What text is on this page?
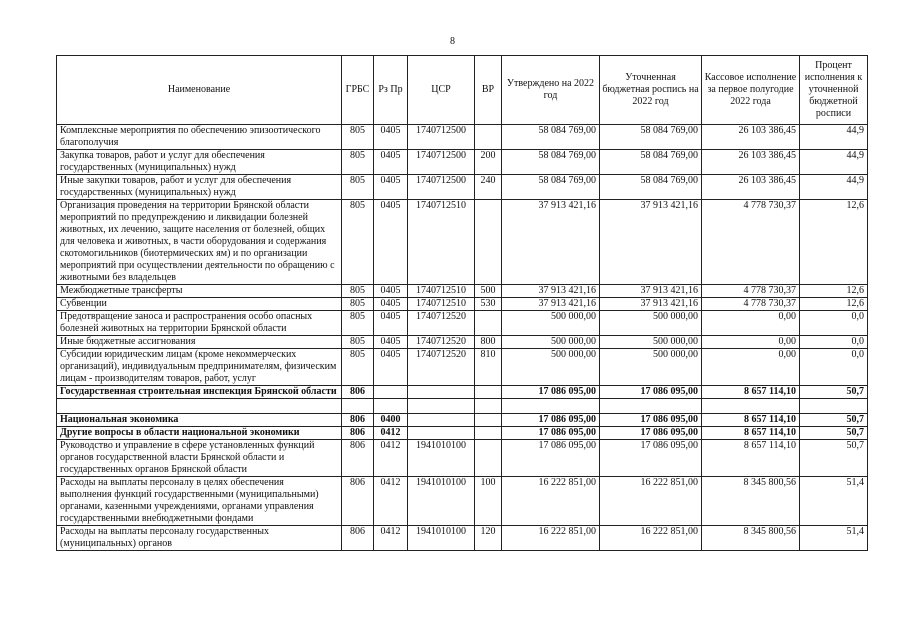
8
Наименование	ГРБС	Рз Пр	ЦСР	ВР	Утверждено на 2022 год	Уточненная бюджетная роспись на 2022 год	Кассовое исполнение за первое полугодие 2022 года	Процент исполнения к уточненной бюджетной росписи
Комплексные мероприятия по обеспечению эпизоотического благополучия	805	0405	1740712500		58 084 769,00	58 084 769,00	26 103 386,45	44,9
Закупка товаров, работ и услуг для обеспечения государственных (муниципальных) нужд	805	0405	1740712500	200	58 084 769,00	58 084 769,00	26 103 386,45	44,9
Иные закупки товаров, работ и услуг для обеспечения государственных (муниципальных) нужд	805	0405	1740712500	240	58 084 769,00	58 084 769,00	26 103 386,45	44,9
Организация проведения на территории Брянской области мероприятий по предупреждению и ликвидации болезней животных, их лечению, защите населения от болезней, общих для человека и животных, в части оборудования и содержания скотомогильников (биотермических ям) и по организации мероприятий при осуществлении деятельности по обращению с животными без владельцев	805	0405	1740712510		37 913 421,16	37 913 421,16	4 778 730,37	12,6
Межбюджетные трансферты	805	0405	1740712510	500	37 913 421,16	37 913 421,16	4 778 730,37	12,6
Субвенции	805	0405	1740712510	530	37 913 421,16	37 913 421,16	4 778 730,37	12,6
Предотвращение заноса и распространения особо опасных болезней животных на территории Брянской области	805	0405	1740712520		500 000,00	500 000,00	0,00	0,0
Иные бюджетные ассигнования	805	0405	1740712520	800	500 000,00	500 000,00	0,00	0,0
Субсидии юридическим лицам (кроме некоммерческих организаций), индивидуальным предпринимателям, физическим лицам - производителям товаров, работ, услуг	805	0405	1740712520	810	500 000,00	500 000,00	0,00	0,0
Государственная строительная инспекция Брянской области	806				17 086 095,00	17 086 095,00	8 657 114,10	50,7

Национальная экономика	806	0400			17 086 095,00	17 086 095,00	8 657 114,10	50,7
Другие вопросы в области национальной экономики	806	0412			17 086 095,00	17 086 095,00	8 657 114,10	50,7
Руководство и управление в сфере установленных функций органов государственной власти Брянской области и государственных органов Брянской области	806	0412	1941010100		17 086 095,00	17 086 095,00	8 657 114,10	50,7
Расходы на выплаты персоналу в целях обеспечения выполнения функций государственными (муниципальными) органами, казенными учреждениями, органами управления государственными внебюджетными фондами	806	0412	1941010100	100	16 222 851,00	16 222 851,00	8 345 800,56	51,4
Расходы на выплаты персоналу государственных (муниципальных) органов	806	0412	1941010100	120	16 222 851,00	16 222 851,00	8 345 800,56	51,4
